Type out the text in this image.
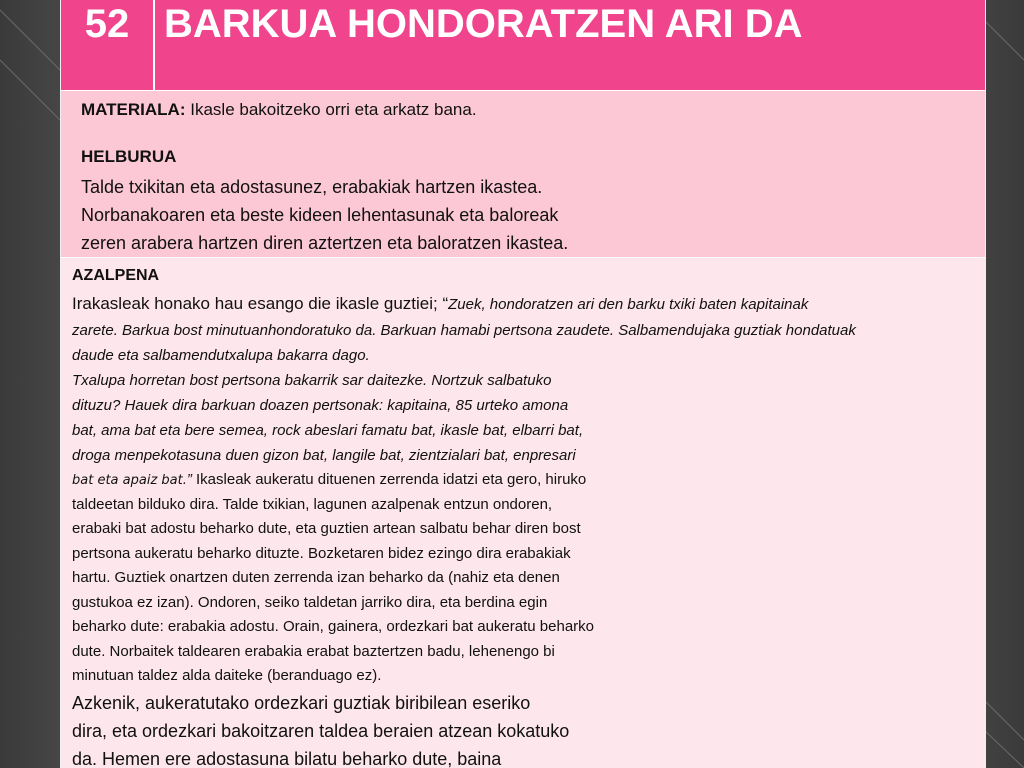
52 BARKUA HONDORATZEN ARI DA
MATERIALA: Ikasle bakoitzeko orri eta arkatz bana.
HELBURUA
Talde txikitan eta adostasunez, erabakiak hartzen ikastea.
Norbanakoaren eta beste kideen lehentasunak eta baloreak
zeren arabera hartzen diren aztertzen eta baloratzen ikastea.
AZALPENA
Irakasleak honako hau esango die ikasle guztiei; “Zuek, hondoratzen ari den barku txiki baten kapitainak
zarete. Barkua bost minutuanhondoratuko da. Barkuan hamabi pertsona zaudete. Salbamendujaka guztiak hondatuak
daude eta salbamendutxalupa bakarra dago.
Txalupa horretan bost pertsona bakarrik sar daitezke. Nortzuk salbatuko
dituzu? Hauek dira barkuan doazen pertsonak: kapitaina, 85 urteko amona
bat, ama bat eta bere semea, rock abeslari famatu bat, ikasle bat, elbarri bat,
droga menpekotasuna duen gizon bat, langile bat, zientzialari bat, enpresari
bat eta apaiz bat.” Ikasleak aukeratu dituenen zerrenda idatzi eta gero, hiruko
taldeetan bilduko dira. Talde txikian, lagunen azalpenak entzun ondoren,
erabaki bat adostu beharko dute, eta guztien artean salbatu behar diren bost
pertsona aukeratu beharko dituzte. Bozketaren bidez ezingo dira erabakiak
hartu. Guztiek onartzen duten zerrenda izan beharko da (nahiz eta denen
gustukoa ez izan). Ondoren, seiko taldetan jarriko dira, eta berdina egin
beharko dute: erabakia adostu. Orain, gainera, ordezkari bat aukeratu beharko
dute. Norbaitek taldearen erabakia erabat baztertzen badu, lehenengo bi
minutuan taldez alda daiteke (beranduago ez).
Azkenik, aukeratutako ordezkari guztiak biribilean eseriko
dira, eta ordezkari bakoitzaren taldea beraien atzean kokatuko
da. Hemen ere adostasuna bilatu beharko dute, baina
